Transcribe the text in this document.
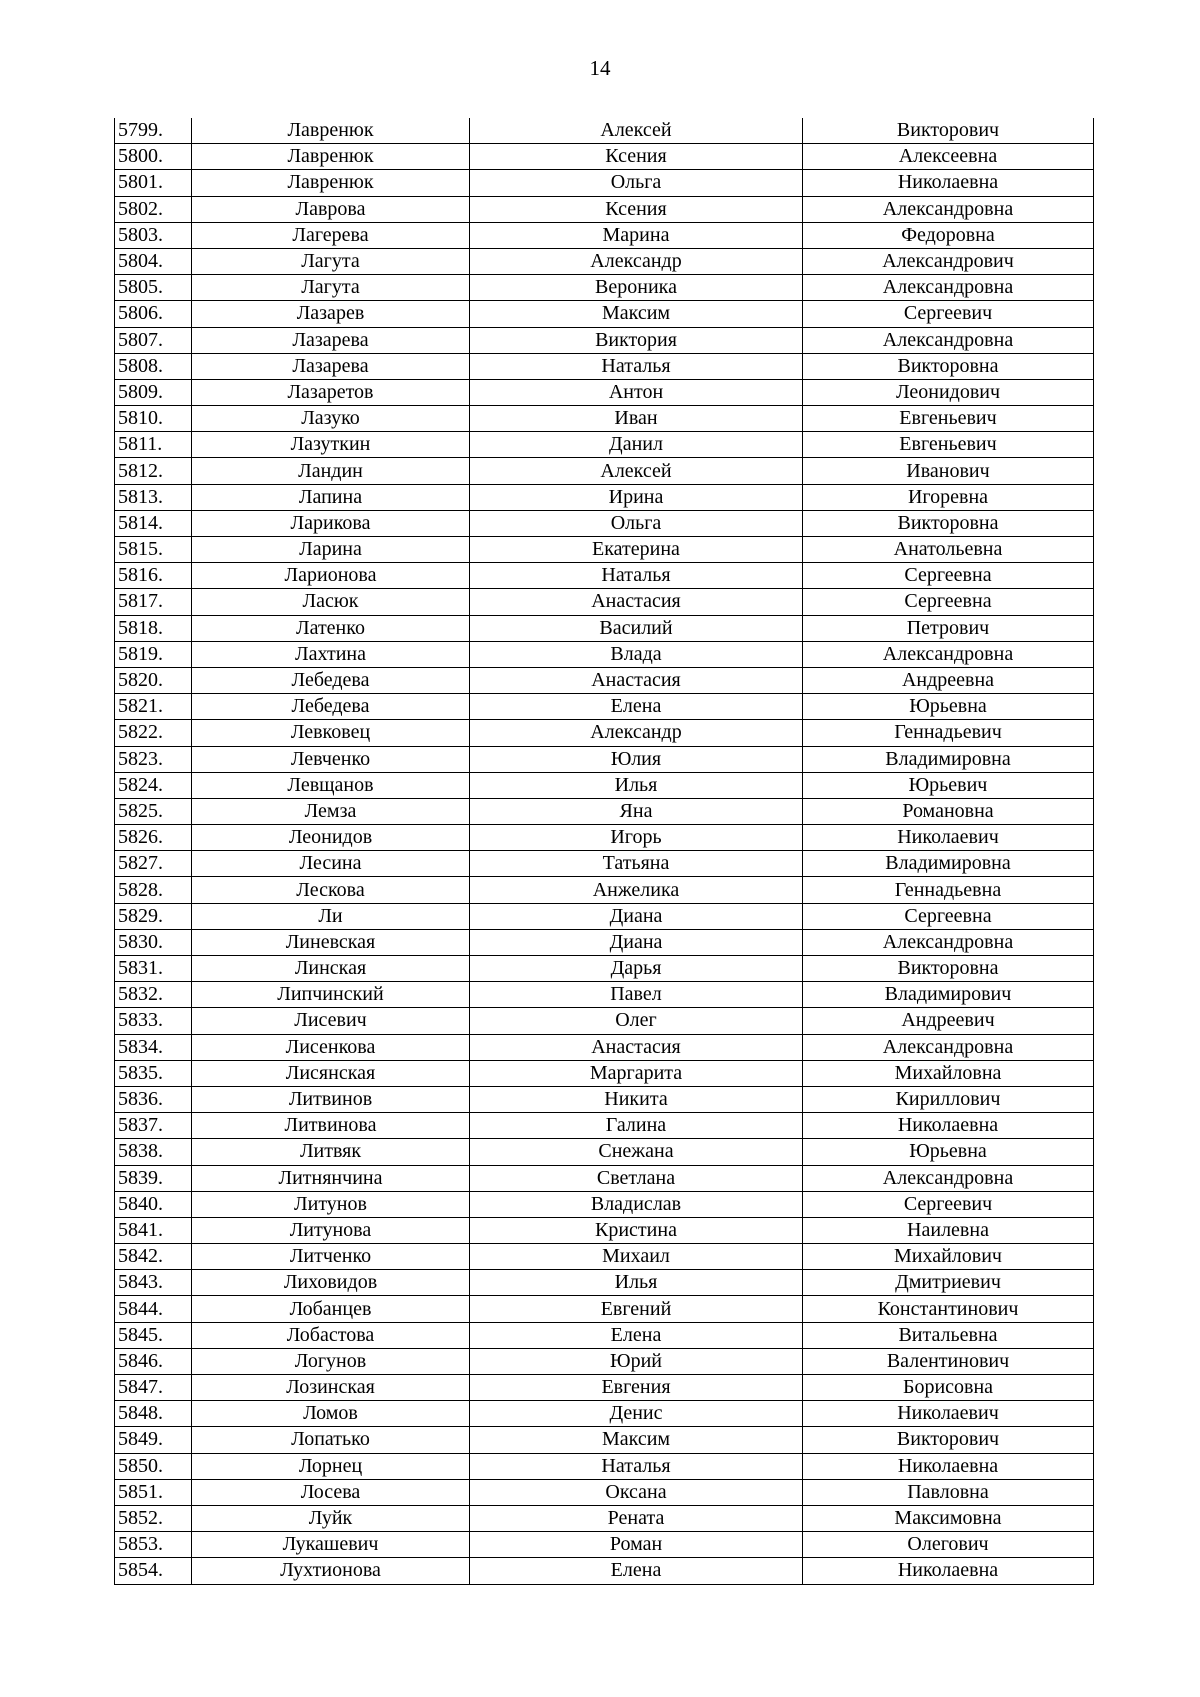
14
5799.	Лавренюк	Алексей	Викторович
5800.	Лавренюк	Ксения	Алексеевна
5801.	Лавренюк	Ольга	Николаевна
5802.	Лаврова	Ксения	Александровна
5803.	Лагерева	Марина	Федоровна
5804.	Лагута	Александр	Александрович
5805.	Лагута	Вероника	Александровна
5806.	Лазарев	Максим	Сергеевич
5807.	Лазарева	Виктория	Александровна
5808.	Лазарева	Наталья	Викторовна
5809.	Лазаретов	Антон	Леонидович
5810.	Лазуко	Иван	Евгеньевич
5811.	Лазуткин	Данил	Евгеньевич
5812.	Ландин	Алексей	Иванович
5813.	Лапина	Ирина	Игоревна
5814.	Ларикова	Ольга	Викторовна
5815.	Ларина	Екатерина	Анатольевна
5816.	Ларионова	Наталья	Сергеевна
5817.	Ласюк	Анастасия	Сергеевна
5818.	Латенко	Василий	Петрович
5819.	Лахтина	Влада	Александровна
5820.	Лебедева	Анастасия	Андреевна
5821.	Лебедева	Елена	Юрьевна
5822.	Левковец	Александр	Геннадьевич
5823.	Левченко	Юлия	Владимировна
5824.	Левщанов	Илья	Юрьевич
5825.	Лемза	Яна	Романовна
5826.	Леонидов	Игорь	Николаевич
5827.	Лесина	Татьяна	Владимировна
5828.	Лескова	Анжелика	Геннадьевна
5829.	Ли	Диана	Сергеевна
5830.	Линевская	Диана	Александровна
5831.	Линская	Дарья	Викторовна
5832.	Липчинский	Павел	Владимирович
5833.	Лисевич	Олег	Андреевич
5834.	Лисенкова	Анастасия	Александровна
5835.	Лисянская	Маргарита	Михайловна
5836.	Литвинов	Никита	Кириллович
5837.	Литвинова	Галина	Николаевна
5838.	Литвяк	Снежана	Юрьевна
5839.	Литнянчина	Светлана	Александровна
5840.	Литунов	Владислав	Сергеевич
5841.	Литунова	Кристина	Наилевна
5842.	Литченко	Михаил	Михайлович
5843.	Лиховидов	Илья	Дмитриевич
5844.	Лобанцев	Евгений	Константинович
5845.	Лобастова	Елена	Витальевна
5846.	Логунов	Юрий	Валентинович
5847.	Лозинская	Евгения	Борисовна
5848.	Ломов	Денис	Николаевич
5849.	Лопатько	Максим	Викторович
5850.	Лорнец	Наталья	Николаевна
5851.	Лосева	Оксана	Павловна
5852.	Луйк	Рената	Максимовна
5853.	Лукашевич	Роман	Олегович
5854.	Лухтионова	Елена	Николаевна
